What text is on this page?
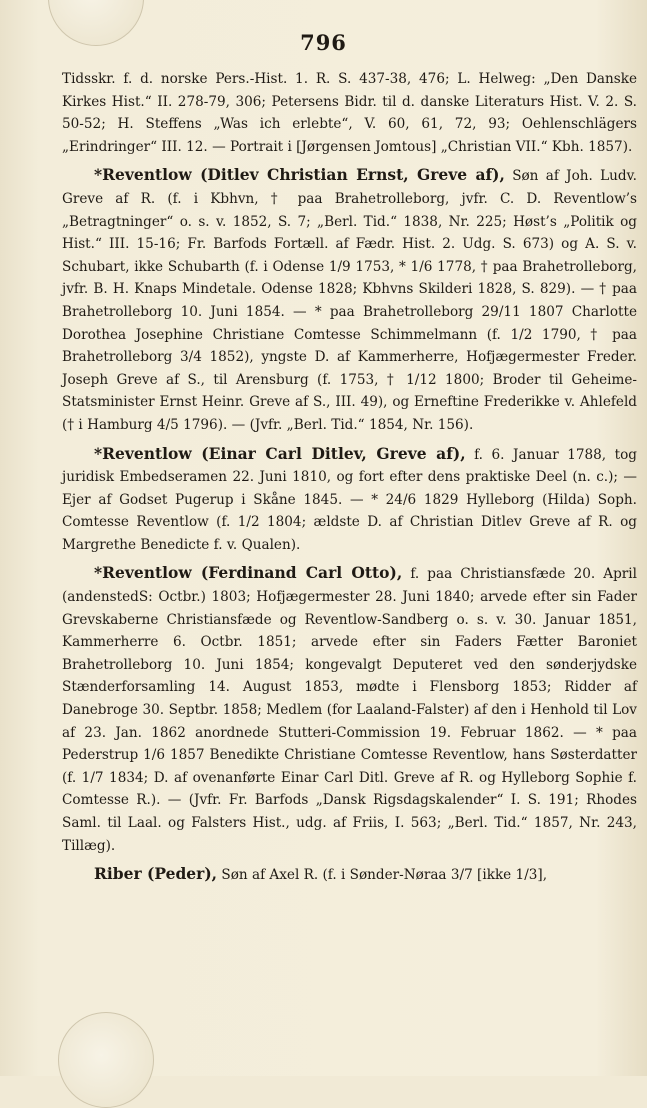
796

Tidsskr. f. d. norske Pers.-Hist. 1. R. S. 437-38, 476; L. Helweg: „Den Danske Kirkes Hist.“ II. 278-79, 306; Petersens Bidr. til d. danske Literaturs Hist. V. 2. S. 50-52; H. Steffens „Was ich erlebte“, V. 60, 61, 72, 93; Oehlenschlägers „Erindringer“ III. 12. — Portrait i [Jørgensen Jomtous] „Christian VII.“ Kbh. 1857).

*Reventlow (Ditlev Christian Ernst, Greve af), Søn af Joh. Ludv. Greve af R. (f. i Kbhvn, † paa Brahetrolleborg, jvfr. C. D. Reventlow’s „Betragtninger“ o. s. v. 1852, S. 7; „Berl. Tid.“ 1838, Nr. 225; Høst’s „Politik og Hist.“ III. 15-16; Fr. Barfods Fortæll. af Fædr. Hist. 2. Udg. S. 673) og A. S. v. Schubart, ikke Schubarth (f. i Odense 1/9 1753, * 1/6 1778, † paa Brahetrolleborg, jvfr. B. H. Knaps Mindetale. Odense 1828; Kbhvns Skilderi 1828, S. 829). — † paa Brahetrolleborg 10. Juni 1854. — * paa Brahetrolleborg 29/11 1807 Charlotte Dorothea Josephine Christiane Comtesse Schimmelmann (f. 1/2 1790, † paa Brahetrolleborg 3/4 1852), yngste D. af Kammerherre, Hofjægermester Freder. Joseph Greve af S., til Arensburg (f. 1753, † 1/12 1800; Broder til Geheime-Statsminister Ernst Heinr. Greve af S., III. 49), og Erneftine Frederikke v. Ahlefeld († i Hamburg 4/5 1796). — (Jvfr. „Berl. Tid.“ 1854, Nr. 156).

*Reventlow (Einar Carl Ditlev, Greve af), f. 6. Januar 1788, tog juridisk Embedseramen 22. Juni 1810, og fort efter dens praktiske Deel (n. c.); — Ejer af Godset Pugerup i Skåne 1845. — * 24/6 1829 Hylleborg (Hilda) Soph. Comtesse Reventlow (f. 1/2 1804; ældste D. af Christian Ditlev Greve af R. og Margrethe Benedicte f. v. Qualen).

*Reventlow (Ferdinand Carl Otto), f. paa Christiansfæde 20. April (andenstedS: Octbr.) 1803; Hofjægermester 28. Juni 1840; arvede efter sin Fader Grevskaberne Christiansfæde og Reventlow-Sandberg o. s. v. 30. Januar 1851, Kammerherre 6. Octbr. 1851; arvede efter sin Faders Fætter Baroniet Brahetrolleborg 10. Juni 1854; kongevalgt Deputeret ved den sønderjydske Stænderforsamling 14. August 1853, mødte i Flensborg 1853; Ridder af Danebroge 30. Septbr. 1858; Medlem (for Laaland-Falster) af den i Henhold til Lov af 23. Jan. 1862 anordnede Stutteri-Commission 19. Februar 1862. — * paa Pederstrup 1/6 1857 Benedikte Christiane Comtesse Reventlow, hans Søsterdatter (f. 1/7 1834; D. af ovenanførte Einar Carl Ditl. Greve af R. og Hylleborg Sophie f. Comtesse R.). — (Jvfr. Fr. Barfods „Dansk Rigsdagskalender“ I. S. 191; Rhodes Saml. til Laal. og Falsters Hist., udg. af Friis, I. 563; „Berl. Tid.“ 1857, Nr. 243, Tillæg).

Riber (Peder), Søn af Axel R. (f. i Sønder-Nøraa 3/7 [ikke 1/3],
